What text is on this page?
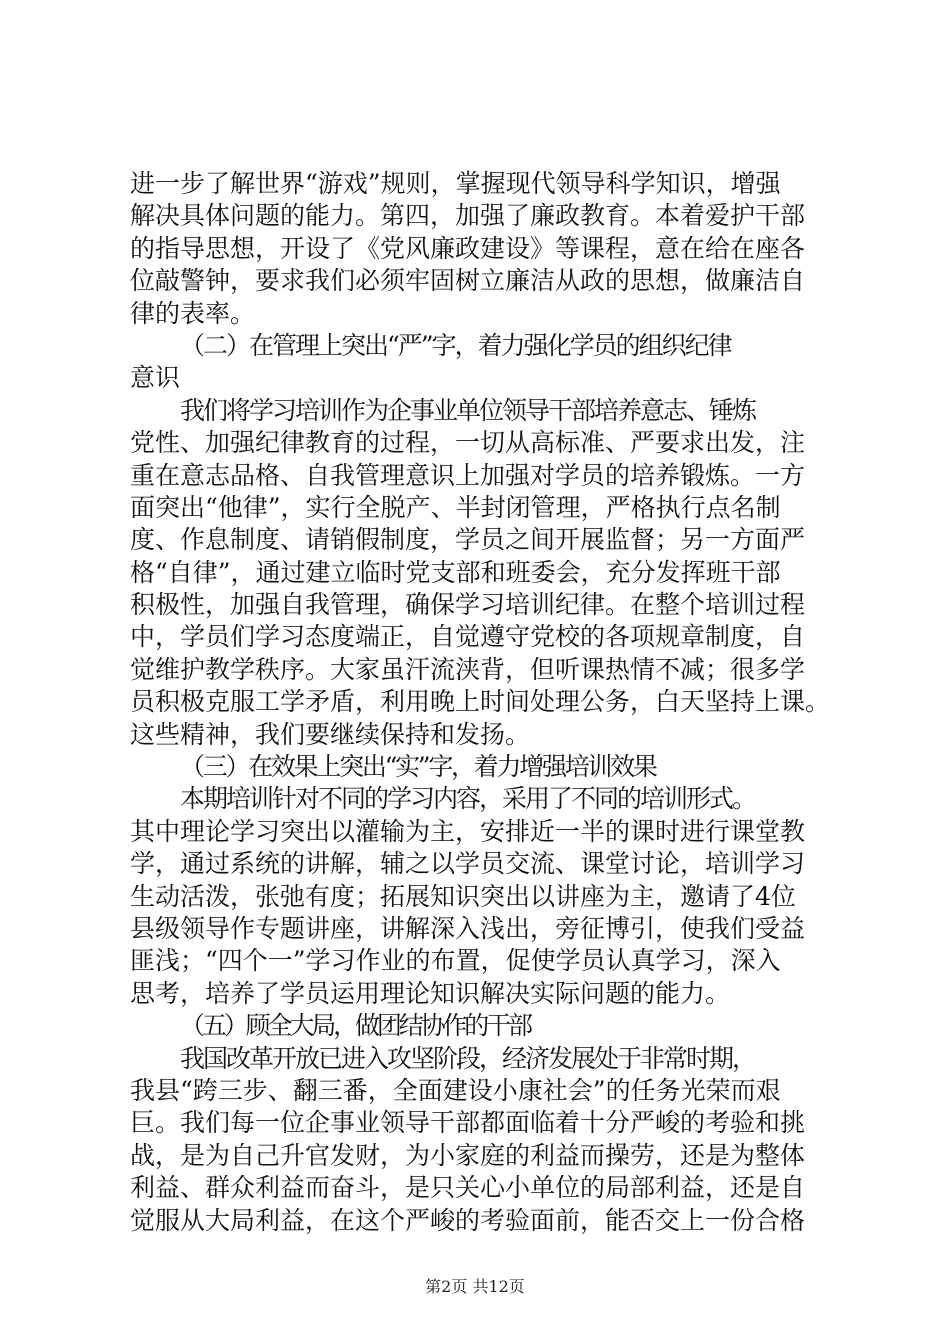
进一步了解世界“游戏”规则，掌握现代领导科学知识，增强
解决具体问题的能力。第四，加强了廉政教育。本着爱护干部
的指导思想，开设了《党风廉政建设》等课程，意在给在座各
位敲警钟，要求我们必须牢固树立廉洁从政的思想，做廉洁自
律的表率。
（二）在管理上突出“严”字，着力强化学员的组织纪律
意识
我们将学习培训作为企事业单位领导干部培养意志、锤炼
党性、加强纪律教育的过程，一切从高标准、严要求出发，注
重在意志品格、自我管理意识上加强对学员的培养锻炼。一方
面突出“他律”，实行全脱产、半封闭管理，严格执行点名制
度、作息制度、请销假制度，学员之间开展监督；另一方面严
格“自律”，通过建立临时党支部和班委会，充分发挥班干部
积极性，加强自我管理，确保学习培训纪律。在整个培训过程
中，学员们学习态度端正，自觉遵守党校的各项规章制度，自
觉维护教学秩序。大家虽汗流浃背，但听课热情不减；很多学
员积极克服工学矛盾，利用晚上时间处理公务，白天坚持上课。
这些精神，我们要继续保持和发扬。
（三）在效果上突出“实”字，着力增强培训效果
本期培训针对不同的学习内容，采用了不同的培训形式。
其中理论学习突出以灌输为主，安排近一半的课时进行课堂教
学，通过系统的讲解，辅之以学员交流、课堂讨论，培训学习
生动活泼，张弛有度；拓展知识突出以讲座为主，邀请了4位
县级领导作专题讲座，讲解深入浅出，旁征博引，使我们受益
匪浅；“四个一”学习作业的布置，促使学员认真学习，深入
思考，培养了学员运用理论知识解决实际问题的能力。
（五）顾全大局，做团结协作的干部
我国改革开放已进入攻坚阶段，经济发展处于非常时期，
我县“跨三步、翻三番，全面建设小康社会”的任务光荣而艰
巨。我们每一位企事业领导干部都面临着十分严峻的考验和挑
战，是为自己升官发财，为小家庭的利益而操劳，还是为整体
利益、群众利益而奋斗，是只关心小单位的局部利益，还是自
觉服从大局利益，在这个严峻的考验面前，能否交上一份合格
第2页 共12页
